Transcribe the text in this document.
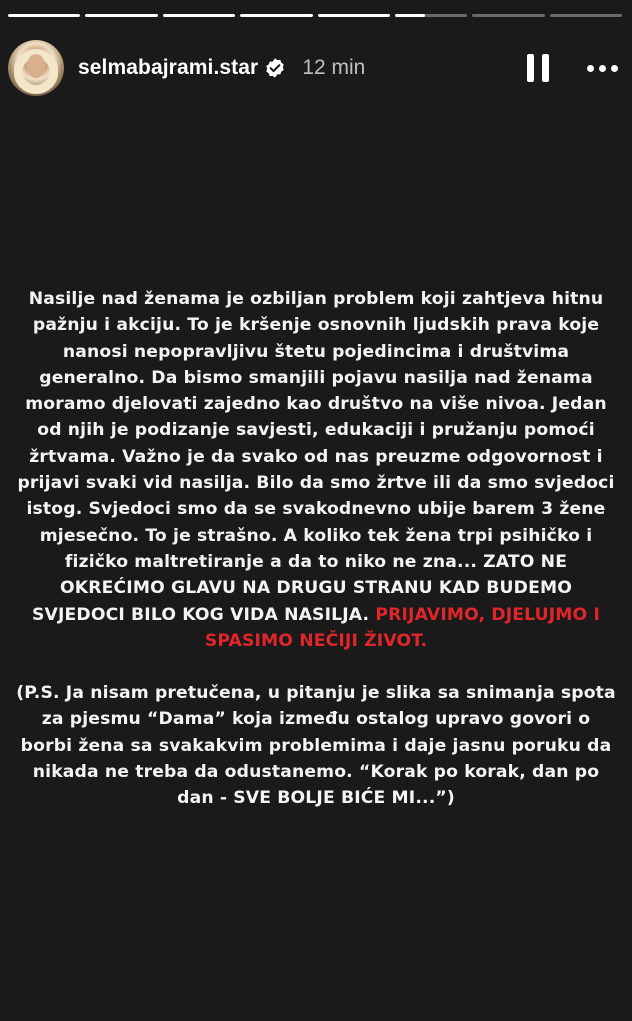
selmabajrami.star 12 min

Nasilje nad ženama je ozbiljan problem koji zahtjeva hitnu pažnju i akciju. To je kršenje osnovnih ljudskih prava koje nanosi nepopravljivu štetu pojedincima i društvima generalno. Da bismo smanjili pojavu nasilja nad ženama moramo djelovati zajedno kao društvo na više nivoa. Jedan od njih je podizanje savjesti, edukaciji i pružanju pomoći žrtvama. Važno je da svako od nas preuzme odgovornost i prijavi svaki vid nasilja. Bilo da smo žrtve ili da smo svjedoci istog. Svjedoci smo da se svakodnevno ubije barem 3 žene mjesečno. To je strašno. A koliko tek žena trpi psihičko i fizičko maltretiranje a da to niko ne zna... ZATO NE OKREĆIMO GLAVU NA DRUGU STRANU KAD BUDEMO SVJEDOCI BILO KOG VIDA NASILJA. PRIJAVIMO, DJELUJMO I SPASIMO NEČIJI ŽIVOT.

(P.S. Ja nisam pretučena, u pitanju je slika sa snimanja spota za pjesmu “Dama” koja između ostalog upravo govori o borbi žena sa svakakvim problemima i daje jasnu poruku da nikada ne treba da odustanemo. “Korak po korak, dan po dan - SVE BOLJE BIĆE MI...”)
